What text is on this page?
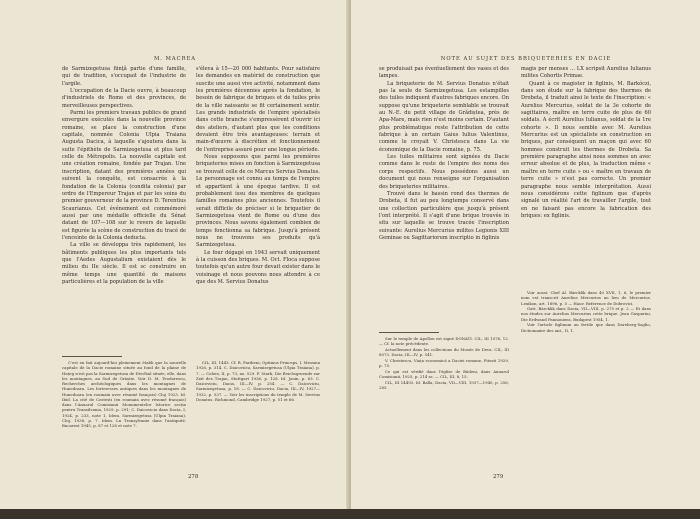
M. MACREA

de Sarmizegetusa fiinţă partie d'une famille, qui de tradition, s'occupait de l'industrie de l'argile.

L'occupation de la Dacie ouvre, à beaucoup d'industriels de Rome et des provinces, de merveilleuses perspectives.

Parmi les premiers travaux publics de grand envergure exécutés dans la nouvelle province romaine, se place la construction d'une capitale, nommée Colonia Ulpia Traiana Augusta Dacica, à laquelle s'ajoutera dans la suite l'épithète de Sarmizegetusa et plus tard celle de Métropolis. La nouvelle capitale est une création romaine, fondée par Trajan. Une inscription, datant des premières années qui suivent la conquête, est consacrée à la fondation de la Colonia (condita colonia) par ordre de l'Empereur Trajan et par les soins du premier gouverneur de la province D. Terentius Scaurianus. Cet événement est commémoré aussi par une médaille officielle du Sénat datant de 107—108 sur le revers de laquelle est figurée la scène de construction du tracé de l'enceinte de la Colonia deducta.

La ville se développa très rapidement, les bâtiments publiques les plus importants tels que l'Aedes Augustalium existaient dès le milieu du IIe siècle. Il est sc construire en même temps une quantité de maisons particulières et la population de la ville

s'éleva à 15—20 000 habitants. Pour satisfaire les demandes en matériel de construction que suscite une aussi vive activité, notamment dans les premières décennies après la fondation, le besoin de fabrique de briques et de tuiles près de la ville naissante se fit certainement sentir. Les grands industriels de l'empire spécialisés dans cette branche s'empressèrent d'ouvrir ici des ateliers, d'autant plus que les conditions devaient être très avantageuses: terrain et main-d'œuvre à discrétion et fonctionnement de l'entreprise assuré pour une longue période.

Nous supposons que parmi les premières briqueteries mises en fonction à Sarmizegetusa se trouvait celle de ce Marcus Servius Donatus. Le personnage est connu au temps de l'empire et appartient à une époque tardive. Il est probablement issu des membres de quelques familles romaines plus anciennes. Toutefois il serait difficile de préciser si le briquetier de Sarmizegetusa vient de Rome ou d'une des provinces. Nous savons également combien de temps fonctionna sa fabrique. Jusqu'à présent nous ne trouvons ses produits qu'à Sarmizegetusa.

Le four dégagé en 1943 servait uniquement à la cuisson des briques. M. Oct. Floca suppose toutefois qu'un autre four devait exister dans le voisinage et nous pouvons nous attendre à ce que des M. Servius Donatus

C'est en fait aujourd'hui pleinement établi que la nouvelle capitale de la Dacie romaine située au fond de la plaine de Hațeg n'est pas la Sarmizegetusa de Décébal située, elle, dans les montagnes, au Sud de Orăștie. Voir D. M. Teodorescu, Recherches archéologiques dans les montagnes de Hunedoara. Les forteresses antiques dans les montagnes de Hunedoara (en roumain avec résumé français) Cluj 1923. Id. Ibid. La cité de Costești (en roumain avec résumé français) dans l'Anuarul Comisiunii Monumentelor Istorice secția pentru Transilvania, 1929, p. 291; C. Daicoviciu dans Dacia, I, 1924, p. 233, note 1, Idem. Sarmizegetusa (Ulpia Traiana), Cluj, 1938, p. 7. Idem. La Transylvanie dans l'antiquité. Bucarest 1945, p. 87 et 128 et note 7.

CIL, III, 1443. Cf. R. Paribeni, Optimus Princeps, I, Messina 1926, p. 314. C. Daicoviciu, Sarmizegetusa (Ulpia Traiana), p. 7. — Cohen, II, p. 73, no. 529. F. Stark, Die Reichsgruende zur Zeit des Trajan, Stuttgart 1936, p. 128. Id. Jonin, p. 63. C. Daicoviciu, Dacia, III—IV, p. 254. — C. Daicoviciu, Sarmizegetusa, p. 18. — C. Daicoviciu, Dacia, III—IV, 1927—1932, p. 537. — Voir les inscriptions du temple de M. Servius Donatus. Richmond, Cambridge 1927, p. 51 et 66.

278
NOTE AU SUJET DES BRIQUETERIES EN DACIE

se produisait pas éventuellement des vases et des lampes.

La briqueterie de M. Servius Donatus n'était pas la seule de Sarmizegetusa. Les estampilles des tuiles indiquent d'autres fabriques encore. On suppose qu'une briqueterie semblable se trouvait au N.-E. du petit village de Grădiștea, près de Apa-Mare, mais rien n'est moins certain. D'autant plus problématique reste l'attribution de cette fabrique à un certain Gaius Iulius Valentinus, comme le croyait V. Christescu dans La vie économique de la Dacie romaine, p. 75.

Les tuiles militaires sont signées du Dacie comme dans le reste de l'empire des noms des corps respectifs. Nous possédons aussi un document qui nous renseigne sur l'organisation des briqueteries militaires.

Trouvé dans le bassin rond des thermes de Drobeta, il fut au peu longtemps conservé dans une collection particulière que jusqu'à présent l'ont interprété. Il s'agit d'une brique trouvée in situ sur laquelle se trouve tracée l'inscription suivante: Aurelius Mercurius milites Legionis XIII Geminae ou Sagittariorum inscriptio in figlinis

magis per menses ... LX scripsit Aurelius Iulianus milites Cohortis Primae.

Quant à ce magister in figlinis, M. Barkóczi, dans son étude sur la fabrique des thermes de Drobeta, il traduit ainsi le texte de l'inscription: « Aurelius Mercurius, soldat de la 3e cohorte de sagittaires, maître en terre cuite de plus de 60 soldats. A écrit Aurelius Iulianus, soldat de la 1re cohorte ». Il nous semble avec M. Aurelius Mercurius est un spécialiste en construction en briques, par conséquent un maçon qui avec 60 hommes construit les thermes de Drobeta. Sa première paragraphe ainsi nous sommes un avec erreur absolue et de plus, la traduction même « maître en terre cuite » ou « maître en travaux de terre cuite » n'est pas correcte. Un premier paragraphe nous semble interprétation. Aussi nous considérons cette figlinum que d'après signalé un réalité l'art de travailler l'argile, tout en ne faisant pas encore la fabrication des briques: ex figlinis.

Sur le temple de Apollon est signé DONATI. CIL, III 1076, 12. — Cf. la note précédente.

Actuellement dans les collections du Musée de Deva. CIL, III 8073. Dacia, III—IV, p. 541.

V. Christescu, Viața economică a Daciei romane, Pitești 1929, p. 75.

Ce qui est vérifié dans l'église de Bădeni, dans Anuarul Comisiunii, 1925, p. 214 ss. — CIL, III, 8, 15.

CIL, III 14493. Id. Balla, Dacia, VII—VIII, 1937—1940, p. 256, 285.

Voir aussi: Chef Al. Bärcklik dans 40 XVII, 1, 6, le premier nom est transcrit Aurelius Mercurius au lieu de Mercurius. Lexikon, art. 1896, p. 5 — Hauv. Reference de Dobrovici.

Gatt. Bärcklik dans Dacia, VII—VIII, p. 275 et p. 2 — Et dans nos études sur Aurelius Mercurius cette brique. Jean Gasparini, Die Erdwand Pannoniens, Budapest 1954, 1.

Voir l'article figlinum au fertile que dans Dareberg-Saglio, Dictionnaire des ant., II, 1.

279
